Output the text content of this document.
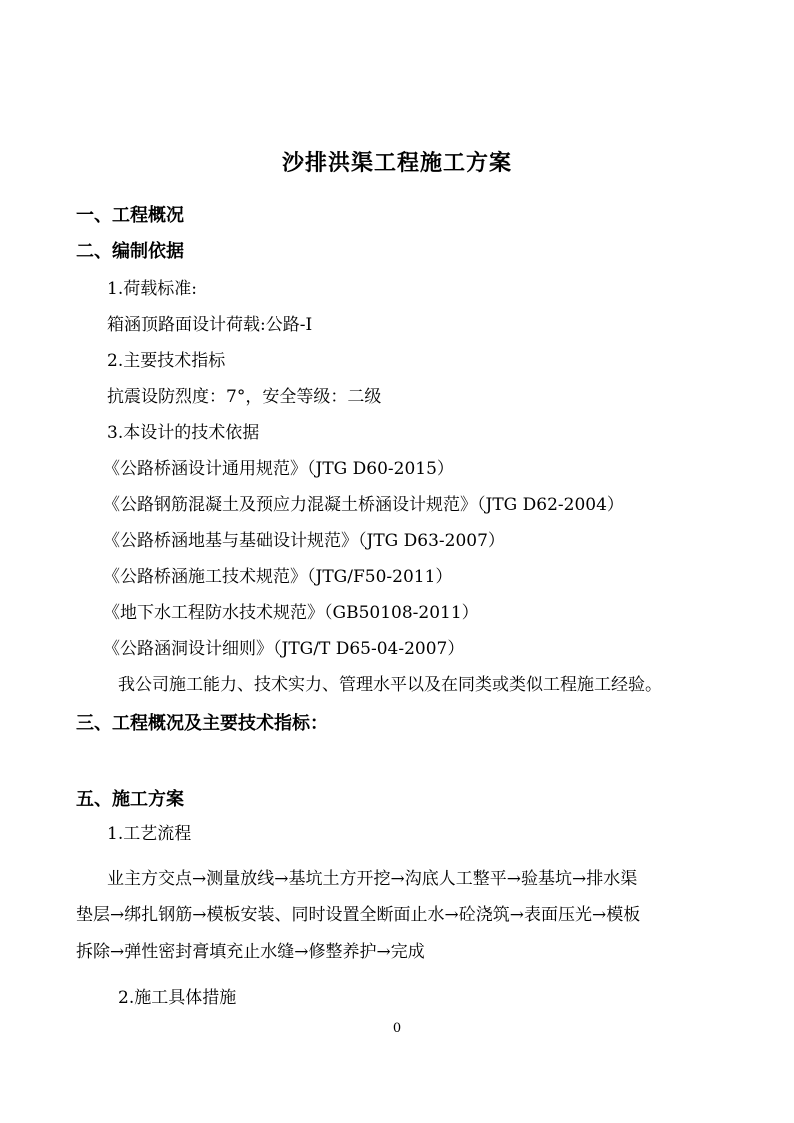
沙排洪渠工程施工方案
一、工程概况
二、编制依据
1.荷载标准:
箱涵顶路面设计荷载:公路-Ⅰ
2.主要技术指标
抗震设防烈度：7°，安全等级：二级
3.本设计的技术依据
《公路桥涵设计通用规范》（JTG D60-2015）
《公路钢筋混凝土及预应力混凝土桥涵设计规范》（JTG D62-2004）
《公路桥涵地基与基础设计规范》（JTG D63-2007）
《公路桥涵施工技术规范》（JTG/F50-2011）
《地下水工程防水技术规范》（GB50108-2011）
《公路涵洞设计细则》（JTG/T D65-04-2007）
我公司施工能力、技术实力、管理水平以及在同类或类似工程施工经验。
三、工程概况及主要技术指标：
五、施工方案
1.工艺流程
业主方交点→测量放线→基坑土方开挖→沟底人工整平→验基坑→排水渠
垫层→绑扎钢筋→模板安装、同时设置全断面止水→砼浇筑→表面压光→模板
拆除→弹性密封膏填充止水缝→修整养护→完成
2.施工具体措施
0
